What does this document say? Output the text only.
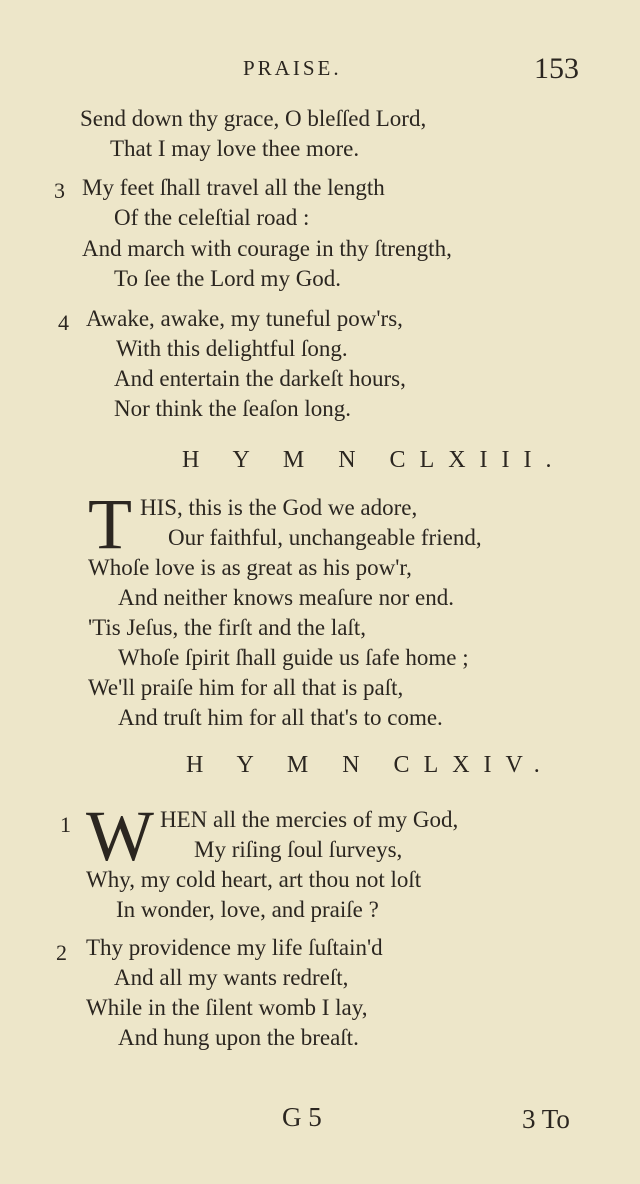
PRAISE.	153
Send down thy grace, O bleſſed Lord,
That I may love thee more.
3 My feet ſhall travel all the length
Of the celeſtial road :
And march with courage in thy ſtrength,
To ſee the Lord my God.
4 Awake, awake, my tuneful pow'rs,
With this delightful ſong.
And entertain the darkeſt hours,
Nor think the ſeaſon long.
H Y M N CLXIII.
T HIS, this is the God we adore,
Our faithful, unchangeable friend,
Whoſe love is as great as his pow'r,
And neither knows meaſure nor end.
'Tis Jeſus, the firſt and the laſt,
Whoſe ſpirit ſhall guide us ſafe home ;
We'll praiſe him for all that is paſt,
And truſt him for all that's to come.
H Y M N CLXIV.
1 W HEN all the mercies of my God,
My riſing ſoul ſurveys,
Why, my cold heart, art thou not loſt
In wonder, love, and praiſe ?
2 Thy providence my life ſuſtain'd
And all my wants redreſt,
While in the ſilent womb I lay,
And hung upon the breaſt.
G 5	3 To
